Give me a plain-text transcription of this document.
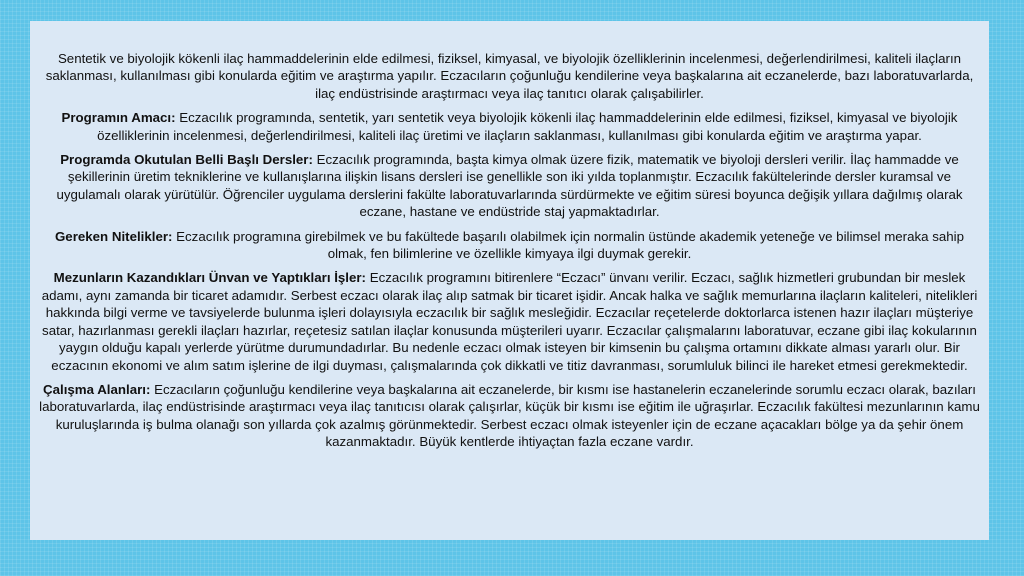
Sentetik ve biyolojik kökenli ilaç hammaddelerinin elde edilmesi, fiziksel, kimyasal, ve biyolojik özelliklerinin incelenmesi, değerlendirilmesi, kaliteli ilaçların saklanması, kullanılması gibi konularda eğitim ve araştırma yapılır. Eczacıların çoğunluğu kendilerine veya başkalarına ait eczanelerde, bazı laboratuvarlarda, ilaç endüstrisinde araştırmacı veya ilaç tanıtıcı olarak çalışabilirler.

Programın Amacı: Eczacılık programında, sentetik, yarı sentetik veya biyolojik kökenli ilaç hammaddelerinin elde edilmesi, fiziksel, kimyasal ve biyolojik özelliklerinin incelenmesi, değerlendirilmesi, kaliteli ilaç üretimi ve ilaçların saklanması, kullanılması gibi konularda eğitim ve araştırma yapar.

Programda Okutulan Belli Başlı Dersler: Eczacılık programında, başta kimya olmak üzere fizik, matematik ve biyoloji dersleri verilir. İlaç hammadde ve şekillerinin üretim tekniklerine ve kullanışlarına ilişkin lisans dersleri ise genellikle son iki yılda toplanmıştır. Eczacılık fakültelerinde dersler kuramsal ve uygulamalı olarak yürütülür. Öğrenciler uygulama derslerini fakülte laboratuvarlarında sürdürmekte ve eğitim süresi boyunca değişik yıllara dağılmış olarak eczane, hastane ve endüstride staj yapmaktadırlar.

Gereken Nitelikler: Eczacılık programına girebilmek ve bu fakültede başarılı olabilmek için normalin üstünde akademik yeteneğe ve bilimsel meraka sahip olmak, fen bilimlerine ve özellikle kimyaya ilgi duymak gerekir.

Mezunların Kazandıkları Ünvan ve Yaptıkları İşler: Eczacılık programını bitirenlere “Eczacı” ünvanı verilir. Eczacı, sağlık hizmetleri grubundan bir meslek adamı, aynı zamanda bir ticaret adamıdır. Serbest eczacı olarak ilaç alıp satmak bir ticaret işidir. Ancak halka ve sağlık memurlarına ilaçların kaliteleri, nitelikleri hakkında bilgi verme ve tavsiyelerde bulunma işleri dolayısıyla eczacılık bir sağlık mesleğidir. Eczacılar reçetelerde doktorlarca istenen hazır ilaçları müşteriye satar, hazırlanması gerekli ilaçları hazırlar, reçetesiz satılan ilaçlar konusunda müşterileri uyarır. Eczacılar çalışmalarını laboratuvar, eczane gibi ilaç kokularının yaygın olduğu kapalı yerlerde yürütme durumundadırlar. Bu nedenle eczacı olmak isteyen bir kimsenin bu çalışma ortamını dikkate alması yararlı olur. Bir eczacının ekonomi ve alım satım işlerine de ilgi duyması, çalışmalarında çok dikkatli ve titiz davranması, sorumluluk bilinci ile hareket etmesi gerekmektedir.

Çalışma Alanları: Eczacıların çoğunluğu kendilerine veya başkalarına ait eczanelerde, bir kısmı ise hastanelerin eczanelerinde sorumlu eczacı olarak, bazıları laboratuvarlarda, ilaç endüstrisinde araştırmacı veya ilaç tanıtıcısı olarak çalışırlar, küçük bir kısmı ise eğitim ile uğraşırlar. Eczacılık fakültesi mezunlarının kamu kuruluşlarında iş bulma olanağı son yıllarda çok azalmış görünmektedir. Serbest eczacı olmak isteyenler için de eczane açacakları bölge ya da şehir önem kazanmaktadır. Büyük kentlerde ihtiyaçtan fazla eczane vardır.
